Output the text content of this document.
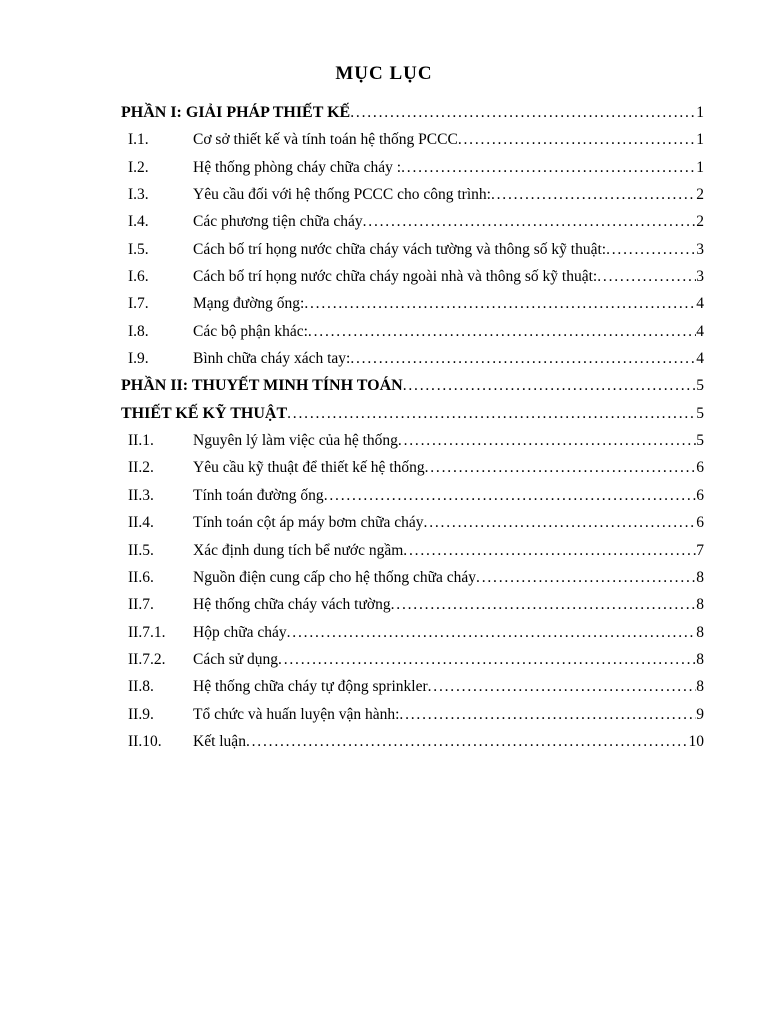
MỤC LỤC
PHẦN I: GIẢI PHÁP THIẾT KẾ .....	1
I.1.	Cơ sở thiết kế và tính toán hệ thống PCCC .....	1
I.2.	Hệ thống phòng cháy chữa cháy : .....	1
I.3.	Yêu cầu đối với hệ thống PCCC cho công trình: .....	2
I.4.	Các phương tiện chữa cháy .....	2
I.5.	Cách bố trí họng nước chữa cháy vách tường và thông số kỹ thuật: .....	3
I.6.	Cách bố trí họng nước chữa cháy ngoài nhà và thông số kỹ thuật: .....	3
I.7.	Mạng đường ống: .....	4
I.8.	Các bộ phận khác: .....	4
I.9.	Bình chữa cháy xách tay: .....	4
PHẦN II: THUYẾT MINH TÍNH TOÁN .....	5
THIẾT KẾ KỸ THUẬT .....	5
II.1.	Nguyên lý làm việc của hệ thống .....	5
II.2.	Yêu cầu kỹ thuật để thiết kế hệ thống .....	6
II.3.	Tính toán đường ống .....	6
II.4.	Tính toán cột áp máy bơm chữa cháy .....	6
II.5.	Xác định dung tích bể nước ngầm .....	7
II.6.	Nguồn điện cung cấp cho hệ thống chữa cháy .....	8
II.7.	Hệ thống chữa cháy vách tường .....	8
II.7.1.	Hộp chữa cháy .....	8
II.7.2.	Cách sử dụng .....	8
II.8.	Hệ thống chữa cháy tự động sprinkler .....	8
II.9.	Tổ chức và huấn luyện vận hành: .....	9
II.10.	Kết luận .....	10
